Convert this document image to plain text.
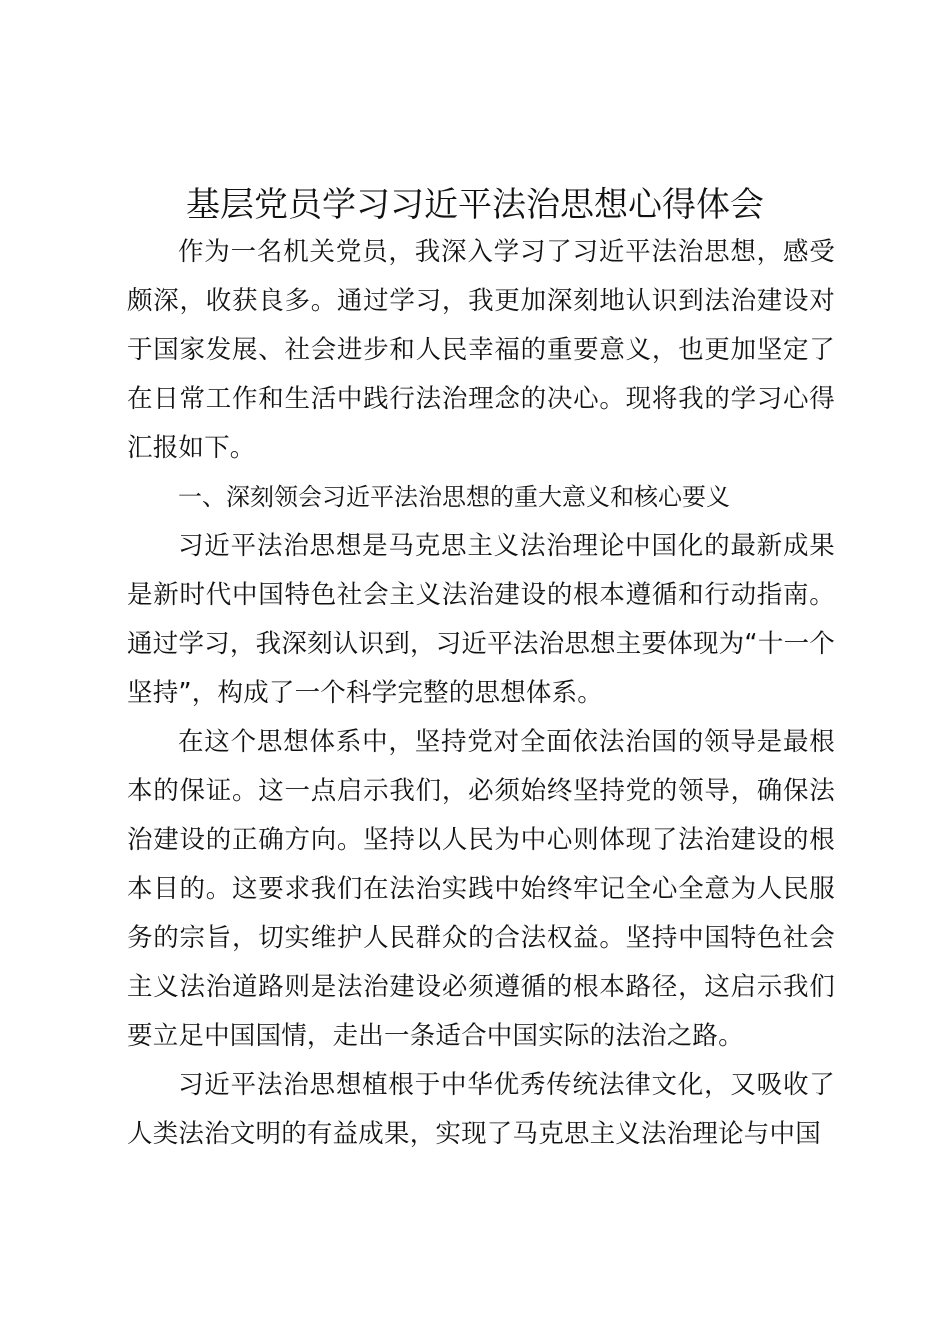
基层党员学习习近平法治思想心得体会

作为一名机关党员，我深入学习了习近平法治思想，感受颇深，收获良多。通过学习，我更加深刻地认识到法治建设对于国家发展、社会进步和人民幸福的重要意义，也更加坚定了在日常工作和生活中践行法治理念的决心。现将我的学习心得汇报如下。

一、深刻领会习近平法治思想的重大意义和核心要义

习近平法治思想是马克思主义法治理论中国化的最新成果是新时代中国特色社会主义法治建设的根本遵循和行动指南。通过学习，我深刻认识到，习近平法治思想主要体现为“十一个坚持”，构成了一个科学完整的思想体系。

在这个思想体系中，坚持党对全面依法治国的领导是最根本的保证。这一点启示我们，必须始终坚持党的领导，确保法治建设的正确方向。坚持以人民为中心则体现了法治建设的根本目的。这要求我们在法治实践中始终牢记全心全意为人民服务的宗旨，切实维护人民群众的合法权益。坚持中国特色社会主义法治道路则是法治建设必须遵循的根本路径，这启示我们要立足中国国情，走出一条适合中国实际的法治之路。

习近平法治思想植根于中华优秀传统法律文化，又吸收了人类法治文明的有益成果，实现了马克思主义法治理论与中国
